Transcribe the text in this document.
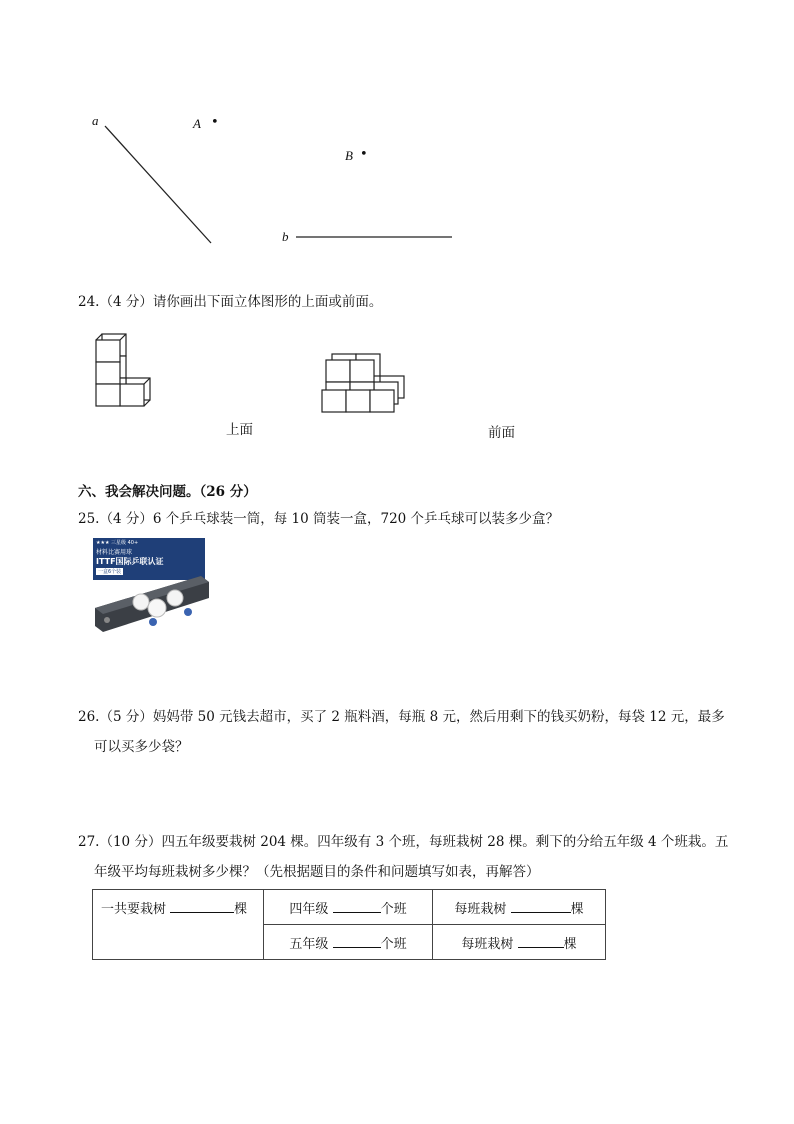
a
b
A •
B •
24.（4 分）请你画出下面立体图形的上面或前面。
上面	前面
六、我会解决问题。（26 分）
25.（4 分）6 个乒乓球装一筒，每 10 筒装一盒，720 个乒乓球可以装多少盒？
★★★ 三星级 40+
材料比赛用球
ITTF国际乒联认证
一盒6个装
26.（5 分）妈妈带 50 元钱去超市，买了 2 瓶料酒，每瓶 8 元，然后用剩下的钱买奶粉，每袋 12 元，最多
可以买多少袋？
27.（10 分）四五年级要栽树 204 棵。四年级有 3 个班，每班栽树 28 棵。剩下的分给五年级 4 个班栽。五
年级平均每班栽树多少棵？（先根据题目的条件和问题填写如表，再解答）
一共要栽树 棵	四年级 个班	每班栽树 棵
	五年级 个班	每班栽树 棵
